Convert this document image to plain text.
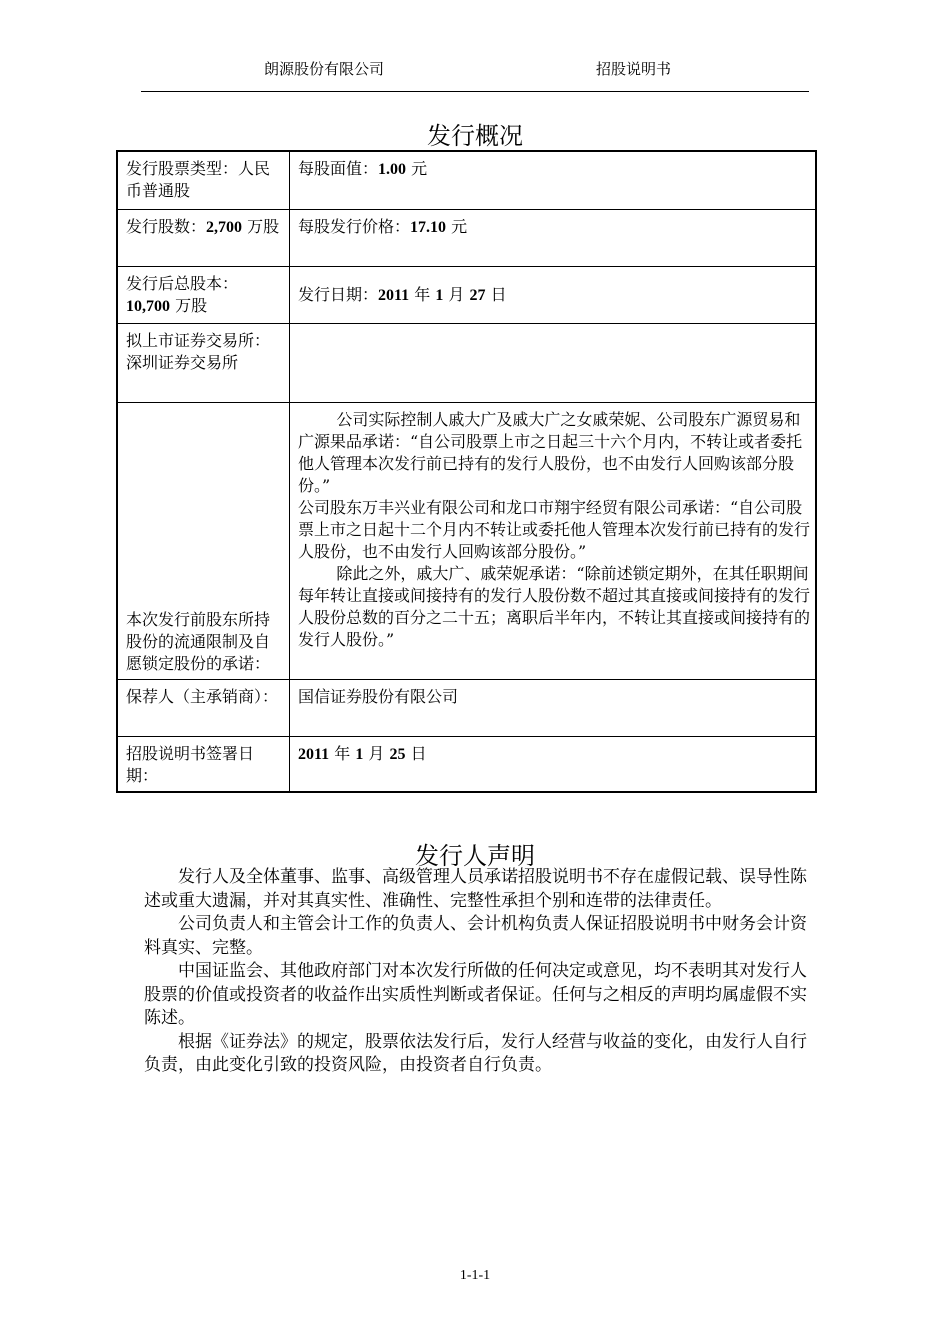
朗源股份有限公司	招股说明书
发行概况
发行股票类型：人民币普通股	每股面值：1.00 元
发行股数：2,700 万股	每股发行价格：17.10 元
发行后总股本：
10,700 万股	发行日期：2011 年 1 月 27 日
拟上市证券交易所：深圳证券交易所	
本次发行前股东所持股份的流通限制及自愿锁定股份的承诺：	公司实际控制人戚大广及戚大广之女戚荣妮、公司股东广源贸易和广源果品承诺：“自公司股票上市之日起三十六个月内，不转让或者委托他人管理本次发行前已持有的发行人股份，也不由发行人回购该部分股份。”

公司股东万丰兴业有限公司和龙口市翔宇经贸有限公司承诺：“自公司股票上市之日起十二个月内不转让或委托他人管理本次发行前已持有的发行人股份，也不由发行人回购该部分股份。”

除此之外，戚大广、戚荣妮承诺：“除前述锁定期外，在其任职期间每年转让直接或间接持有的发行人股份数不超过其直接或间接持有的发行人股份总数的百分之二十五；离职后半年内，不转让其直接或间接持有的发行人股份。”

保荐人（主承销商）：	国信证券股份有限公司
招股说明书签署日期：	2011 年 1 月 25 日
发行人声明

发行人及全体董事、监事、高级管理人员承诺招股说明书不存在虚假记载、误导性陈述或重大遗漏，并对其真实性、准确性、完整性承担个别和连带的法律责任。

公司负责人和主管会计工作的负责人、会计机构负责人保证招股说明书中财务会计资料真实、完整。

中国证监会、其他政府部门对本次发行所做的任何决定或意见，均不表明其对发行人股票的价值或投资者的收益作出实质性判断或者保证。任何与之相反的声明均属虚假不实陈述。

根据《证券法》的规定，股票依法发行后，发行人经营与收益的变化，由发行人自行负责，由此变化引致的投资风险，由投资者自行负责。

1-1-1
